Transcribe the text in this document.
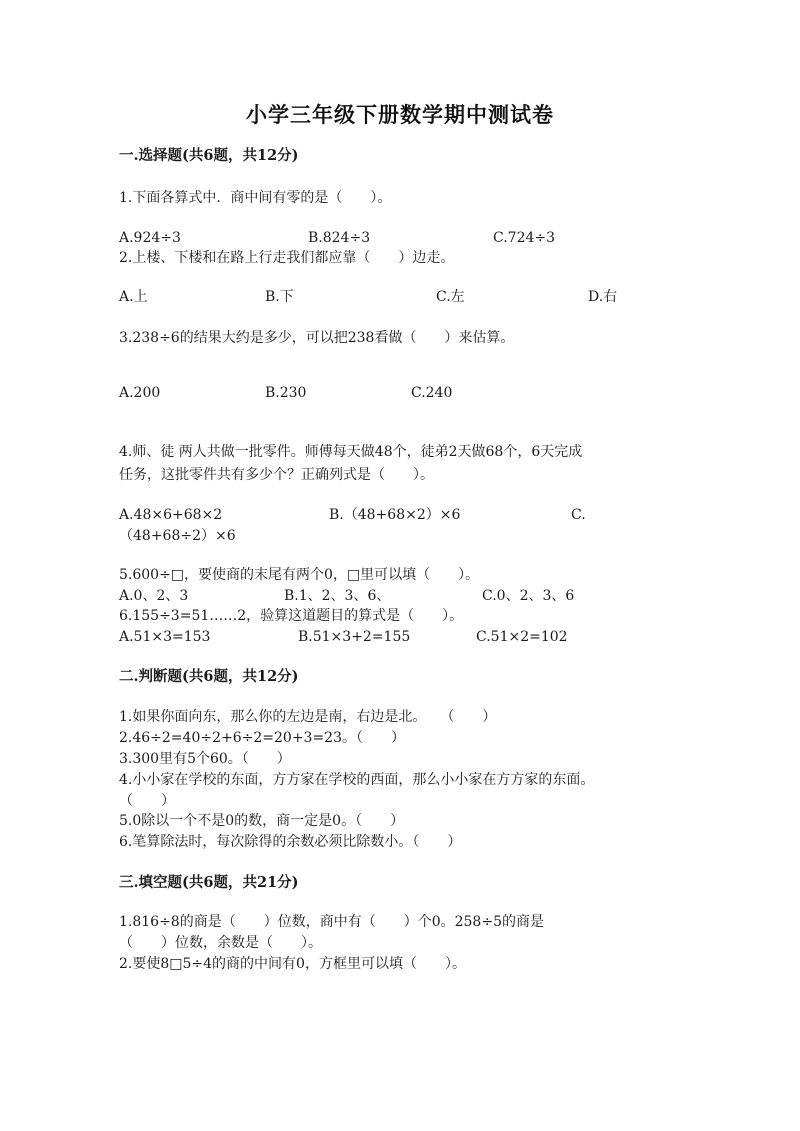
小学三年级下册数学期中测试卷
一.选择题(共6题，共12分)
1.下面各算式中．商中间有零的是（　　）。
A.924÷3	B.824÷3	C.724÷3
2.上楼、下楼和在路上行走我们都应靠（　　）边走。
A.上	B.下	C.左	D.右
3.238÷6的结果大约是多少，可以把238看做（　　）来估算。
A.200	B.230	C.240
4.师、徒 两人共做一批零件。师傅每天做48个，徒弟2天做68个，6天完成
任务，这批零件共有多少个？正确列式是（　　）。
A.48×6+68×2	B.（48+68×2）×6	C.
（48+68÷2）×6
5.600÷□，要使商的末尾有两个0，□里可以填（　　）。
A.0、2、3	B.1、2、3、6、	C.0、2、3、6
6.155÷3=51……2，验算这道题目的算式是（　　）。
A.51×3=153	B.51×3+2=155	C.51×2=102
二.判断题(共6题，共12分)
1.如果你面向东，那么你的左边是南，右边是北。　　（　　）
2.46÷2=40÷2+6÷2=20+3=23。（　　）
3.300里有5个60。（　　）
4.小小家在学校的东面，方方家在学校的西面，那么小小家在方方家的东面。
（　　）
5.0除以一个不是0的数，商一定是0。（　　）
6.笔算除法时，每次除得的余数必须比除数小。（　　）
三.填空题(共6题，共21分)
1.816÷8的商是（　　）位数，商中有（　　）个0。258÷5的商是
（　　）位数，余数是（　　）。
2.要使8□5÷4的商的中间有0，方框里可以填（　　）。
